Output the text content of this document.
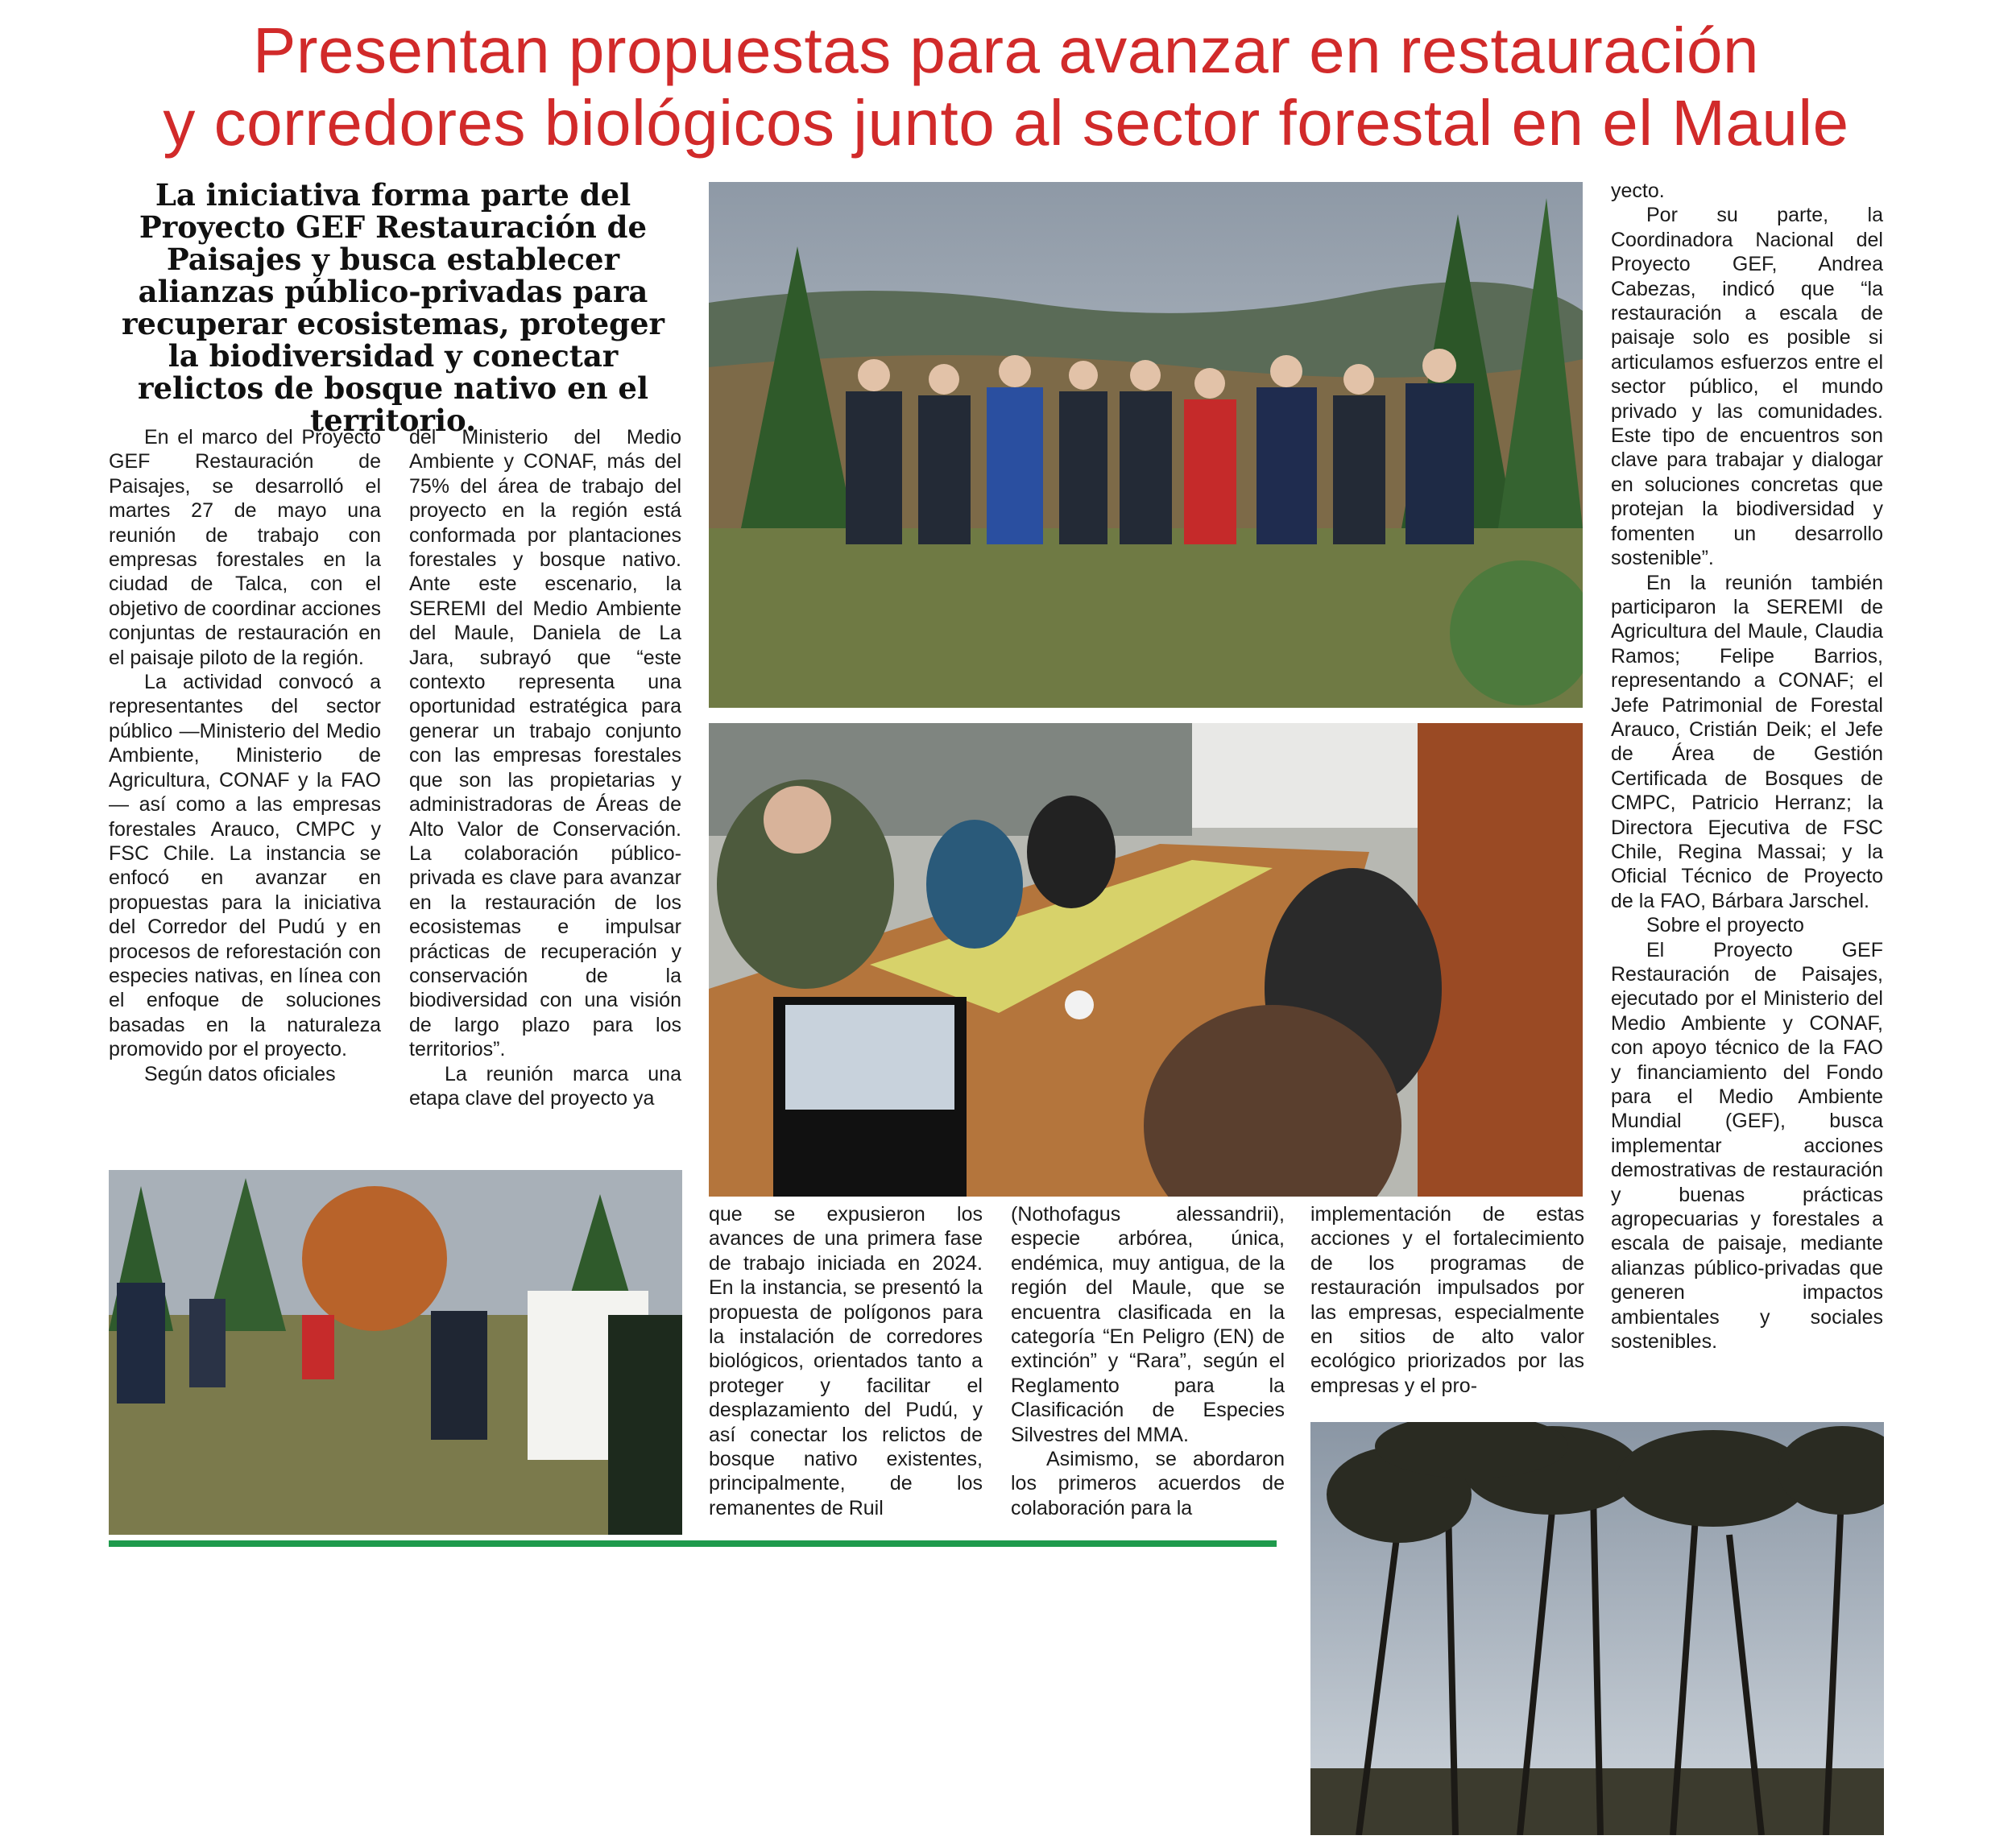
Presentan propuestas para avanzar en restauración
y corredores biológicos junto al sector forestal en el Maule
La iniciativa forma parte del Proyecto GEF Restauración de Paisajes y busca establecer alianzas público-privadas para recuperar ecosistemas, proteger la biodiversidad y conectar relictos de bosque nativo en el territorio.

En el marco del Proyecto GEF Restauración de Paisajes, se desarrolló el martes 27 de mayo una reunión de trabajo con empresas forestales en la ciudad de Talca, con el objetivo de coordinar acciones conjuntas de restauración en el paisaje piloto de la región.

La actividad convocó a representantes del sector público —Ministerio del Medio Ambiente, Ministerio de Agricultura, CONAF y la FAO— así como a las empresas forestales Arauco, CMPC y FSC Chile. La instancia se enfocó en avanzar en propuestas para la iniciativa del Corredor del Pudú y en procesos de reforestación con especies nativas, en línea con el enfoque de soluciones basadas en la naturaleza promovido por el proyecto.

Según datos oficiales

del Ministerio del Medio Ambiente y CONAF, más del 75% del área de trabajo del proyecto en la región está conformada por plantaciones forestales y bosque nativo. Ante este escenario, la SEREMI del Medio Ambiente del Maule, Daniela de La Jara, subrayó que “este contexto representa una oportunidad estratégica para generar un trabajo conjunto con las empresas forestales que son las propietarias y administradoras de Áreas de Alto Valor de Conservación. La colaboración público-privada es clave para avanzar en la restauración de los ecosistemas e impulsar prácticas de recuperación y conservación de la biodiversidad con una visión de largo plazo para los territorios”.

La reunión marca una etapa clave del proyecto ya

que se expusieron los avances de una primera fase de trabajo iniciada en 2024. En la instancia, se presentó la propuesta de polígonos para la instalación de corredores biológicos, orientados tanto a proteger y facilitar el desplazamiento del Pudú, y así conectar los relictos de bosque nativo existentes, principalmente, de los remanentes de Ruil

(Nothofagus alessandrii), especie arbórea, única, endémica, muy antigua, de la región del Maule, que se encuentra clasificada en la categoría “En Peligro (EN) de extinción” y “Rara”, según el Reglamento para la Clasificación de Especies Silvestres del MMA.

Asimismo, se abordaron los primeros acuerdos de colaboración para la

implementación de estas acciones y el fortalecimiento de los programas de restauración impulsados por las empresas, especialmente en sitios de alto valor ecológico priorizados por las empresas y el pro-

yecto.

Por su parte, la Coordinadora Nacional del Proyecto GEF, Andrea Cabezas, indicó que “la restauración a escala de paisaje solo es posible si articulamos esfuerzos entre el sector público, el mundo privado y las comunidades. Este tipo de encuentros son clave para trabajar y dialogar en soluciones concretas que protejan la biodiversidad y fomenten un desarrollo sostenible”.

En la reunión también participaron la SEREMI de Agricultura del Maule, Claudia Ramos; Felipe Barrios, representando a CONAF; el Jefe Patrimonial de Forestal Arauco, Cristián Deik; el Jefe de Área de Gestión Certificada de Bosques de CMPC, Patricio Herranz; la Directora Ejecutiva de FSC Chile, Regina Massai; y la Oficial Técnico de Proyecto de la FAO, Bárbara Jarschel.

Sobre el proyecto

El Proyecto GEF Restauración de Paisajes, ejecutado por el Ministerio del Medio Ambiente y CONAF, con apoyo técnico de la FAO y financiamiento del Fondo para el Medio Ambiente Mundial (GEF), busca implementar acciones demostrativas de restauración y buenas prácticas agropecuarias y forestales a escala de paisaje, mediante alianzas público-privadas que generen impactos ambientales y sociales sostenibles.
